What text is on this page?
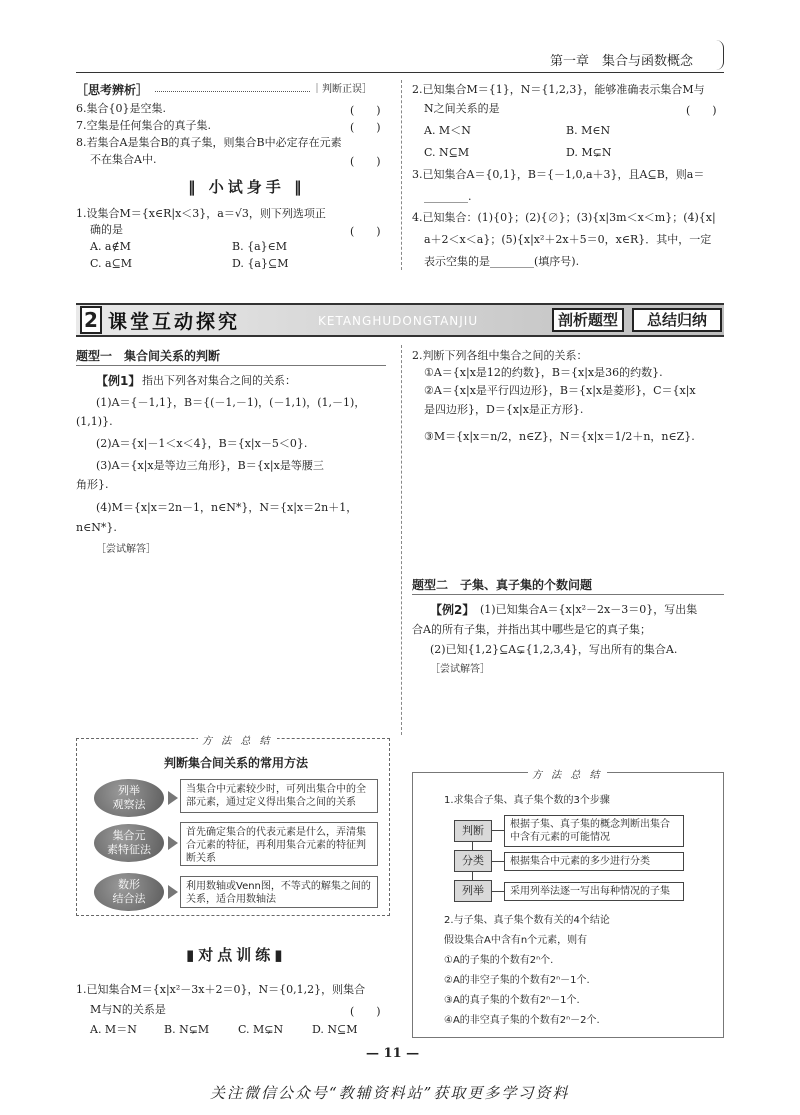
第一章　集合与函数概念
［思考辨析］	｜判断正误］
6.集合{0}是空集.	(　　)
7.空集是任何集合的真子集.	(　　)
8.若集合A是集合B的真子集，则集合B中必定存在元素
不在集合A中.	(　　)
‖ 小试身手 ‖
1.设集合M＝{x∈R|x＜3}，a＝√3，则下列选项正
确的是	(　　)
A. a∉M	B. {a}∈M
C. a⊆M	D. {a}⊆M
2.已知集合M＝{1}，N＝{1,2,3}，能够准确表示集合M与
N之间关系的是	(　　)
A. M＜N	B. M∈N
C. N⊆M	D. M⊊N
3.已知集合A＝{0,1}，B＝{－1,0,a＋3}，且A⊆B，则a＝
________.
4.已知集合：(1){0}；(2){∅}；(3){x|3m＜x＜m}；(4){x|
a＋2＜x＜a}；(5){x|x²＋2x＋5＝0，x∈R}．其中，一定
表示空集的是________(填序号).
2 课堂互动探究	KETANGHUDONGTANJIU	剖析题型	总结归纳
题型一　集合间关系的判断
【例1】 指出下列各对集合之间的关系：
(1)A＝{－1,1}，B＝{(－1,－1)，(－1,1)，(1,－1)，
(1,1)}.
(2)A＝{x|－1＜x＜4}，B＝{x|x－5＜0}.
(3)A＝{x|x是等边三角形}，B＝{x|x是等腰三
角形}.
(4)M＝{x|x＝2n－1，n∈N*}，N＝{x|x＝2n＋1，
n∈N*}.
［尝试解答］
2.判断下列各组中集合之间的关系：
①A＝{x|x是12的约数}，B＝{x|x是36的约数}.
②A＝{x|x是平行四边形}，B＝{x|x是菱形}，C＝{x|x
是四边形}，D＝{x|x是正方形}.
③M＝{x|x＝n/2，n∈Z}，N＝{x|x＝1/2＋n，n∈Z}.
题型二　子集、真子集的个数问题
【例2】 (1)已知集合A＝{x|x²－2x－3＝0}，写出集
合A的所有子集，并指出其中哪些是它的真子集；
(2)已知{1,2}⊆A⊊{1,2,3,4}，写出所有的集合A.
［尝试解答］
方 法 总 结
判断集合间关系的常用方法
列举
观察法
当集合中元素较少时，可列出集合中的全部元素，通过定义得出集合之间的关系
集合元
素特征法
首先确定集合的代表元素是什么，弄清集合元素的特征，再利用集合元素的特征判断关系
数形
结合法
利用数轴或Venn图，不等式的解集之间的关系，适合用数轴法
▮对点训练▮
1.已知集合M＝{x|x²－3x＋2＝0}，N＝{0,1,2}，则集合
M与N的关系是	(　　)
A. M＝N B. N⊊M	C. M⊊N	D. N⊆M
方 法 总 结
1.求集合子集、真子集个数的3个步骤
判断	根据子集、真子集的概念判断出集合中含有元素的可能情况
分类	根据集合中元素的多少进行分类
列举	采用列举法逐一写出每种情况的子集
2.与子集、真子集个数有关的4个结论
假设集合A中含有n个元素，则有
①A的子集的个数有2ⁿ个.
②A的非空子集的个数有2ⁿ－1个.
③A的真子集的个数有2ⁿ－1个.
④A的非空真子集的个数有2ⁿ－2个.
— 11 —
关注微信公众号“教辅资料站”获取更多学习资料
